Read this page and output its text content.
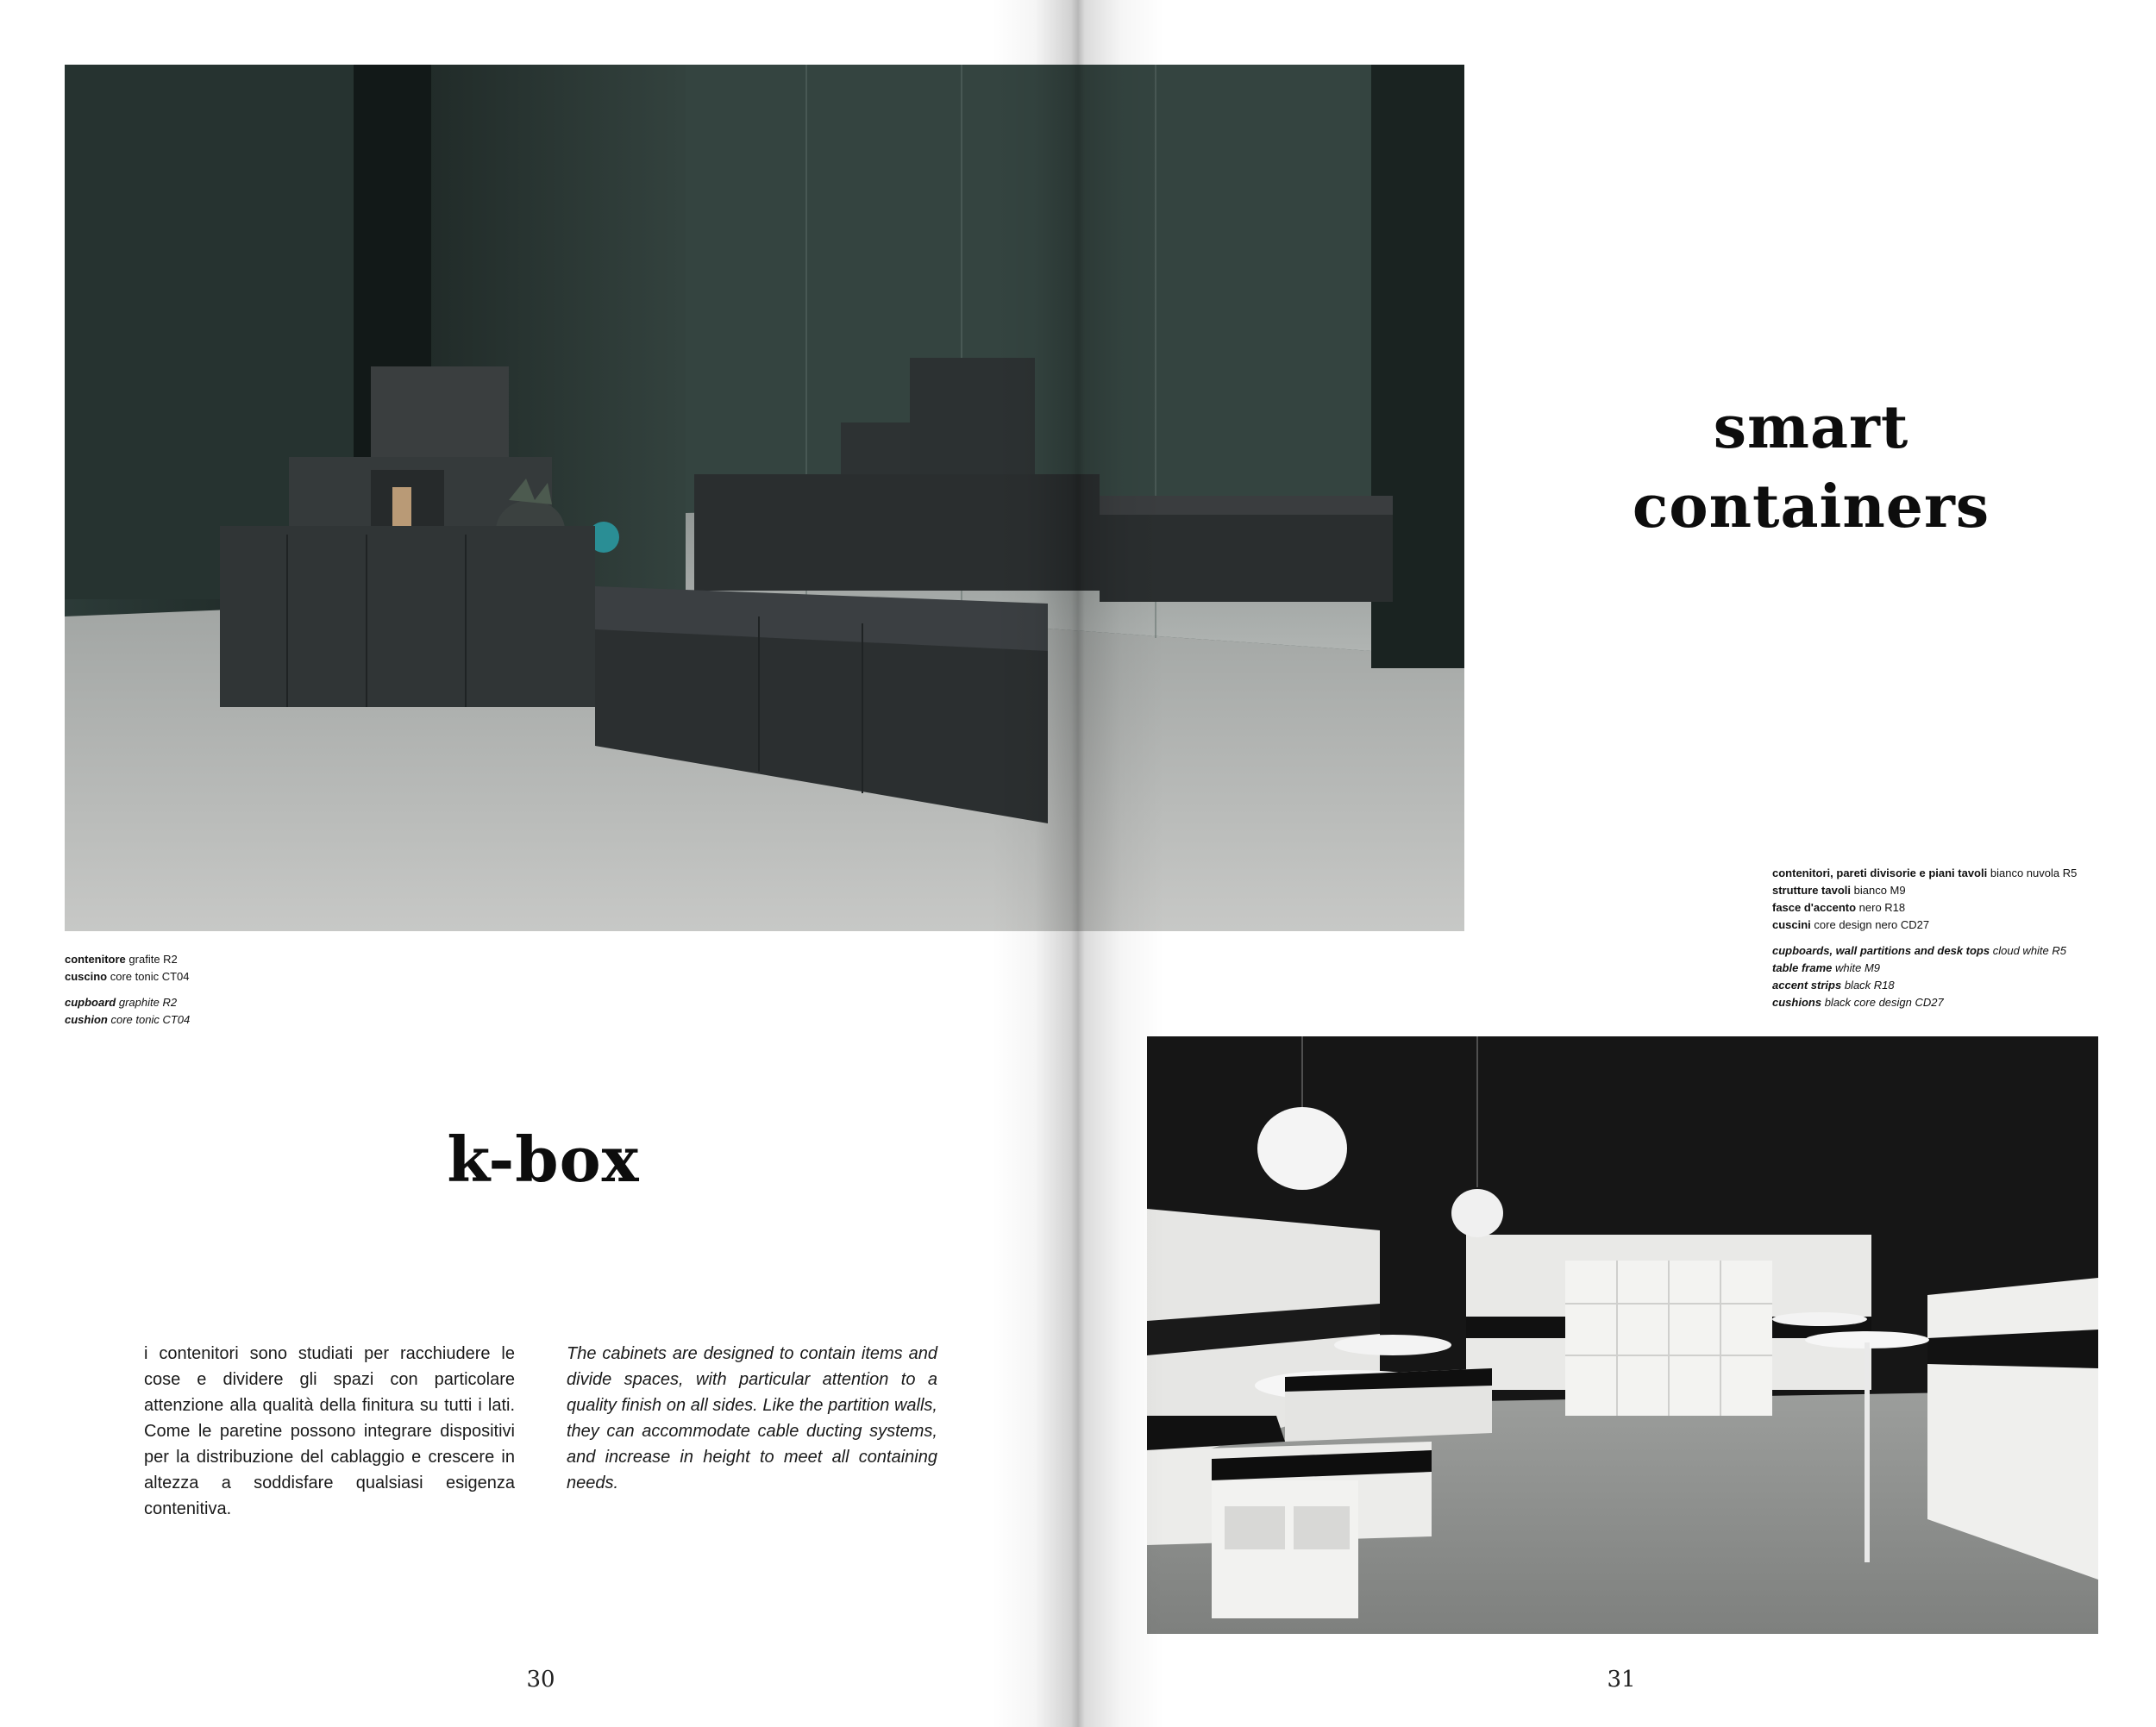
smart
containers
k-box

contenitore grafite R2

cuscino core tonic CT04

cupboard graphite R2

cushion core tonic CT04

contenitori, pareti divisorie e piani tavoli bianco nuvola R5

strutture tavoli bianco M9

fasce d'accento nero R18

cuscini core design nero CD27

cupboards, wall partitions and desk tops cloud white R5

table frame white M9

accent strips black R18

cushions black core design CD27

i contenitori sono studiati per racchiudere le cose e dividere gli spazi con particolare attenzione alla qualità della finitura su tutti i lati. Come le paretine possono integrare dispositivi per la distribuzione del cablaggio e crescere in altezza a soddisfare qualsiasi esigenza contenitiva.
The cabinets are designed to contain items and divide spaces, with particular attention to a quality finish on all sides. Like the partition walls, they can accommodate cable ducting systems, and increase in height to meet all containing needs.
30	31
